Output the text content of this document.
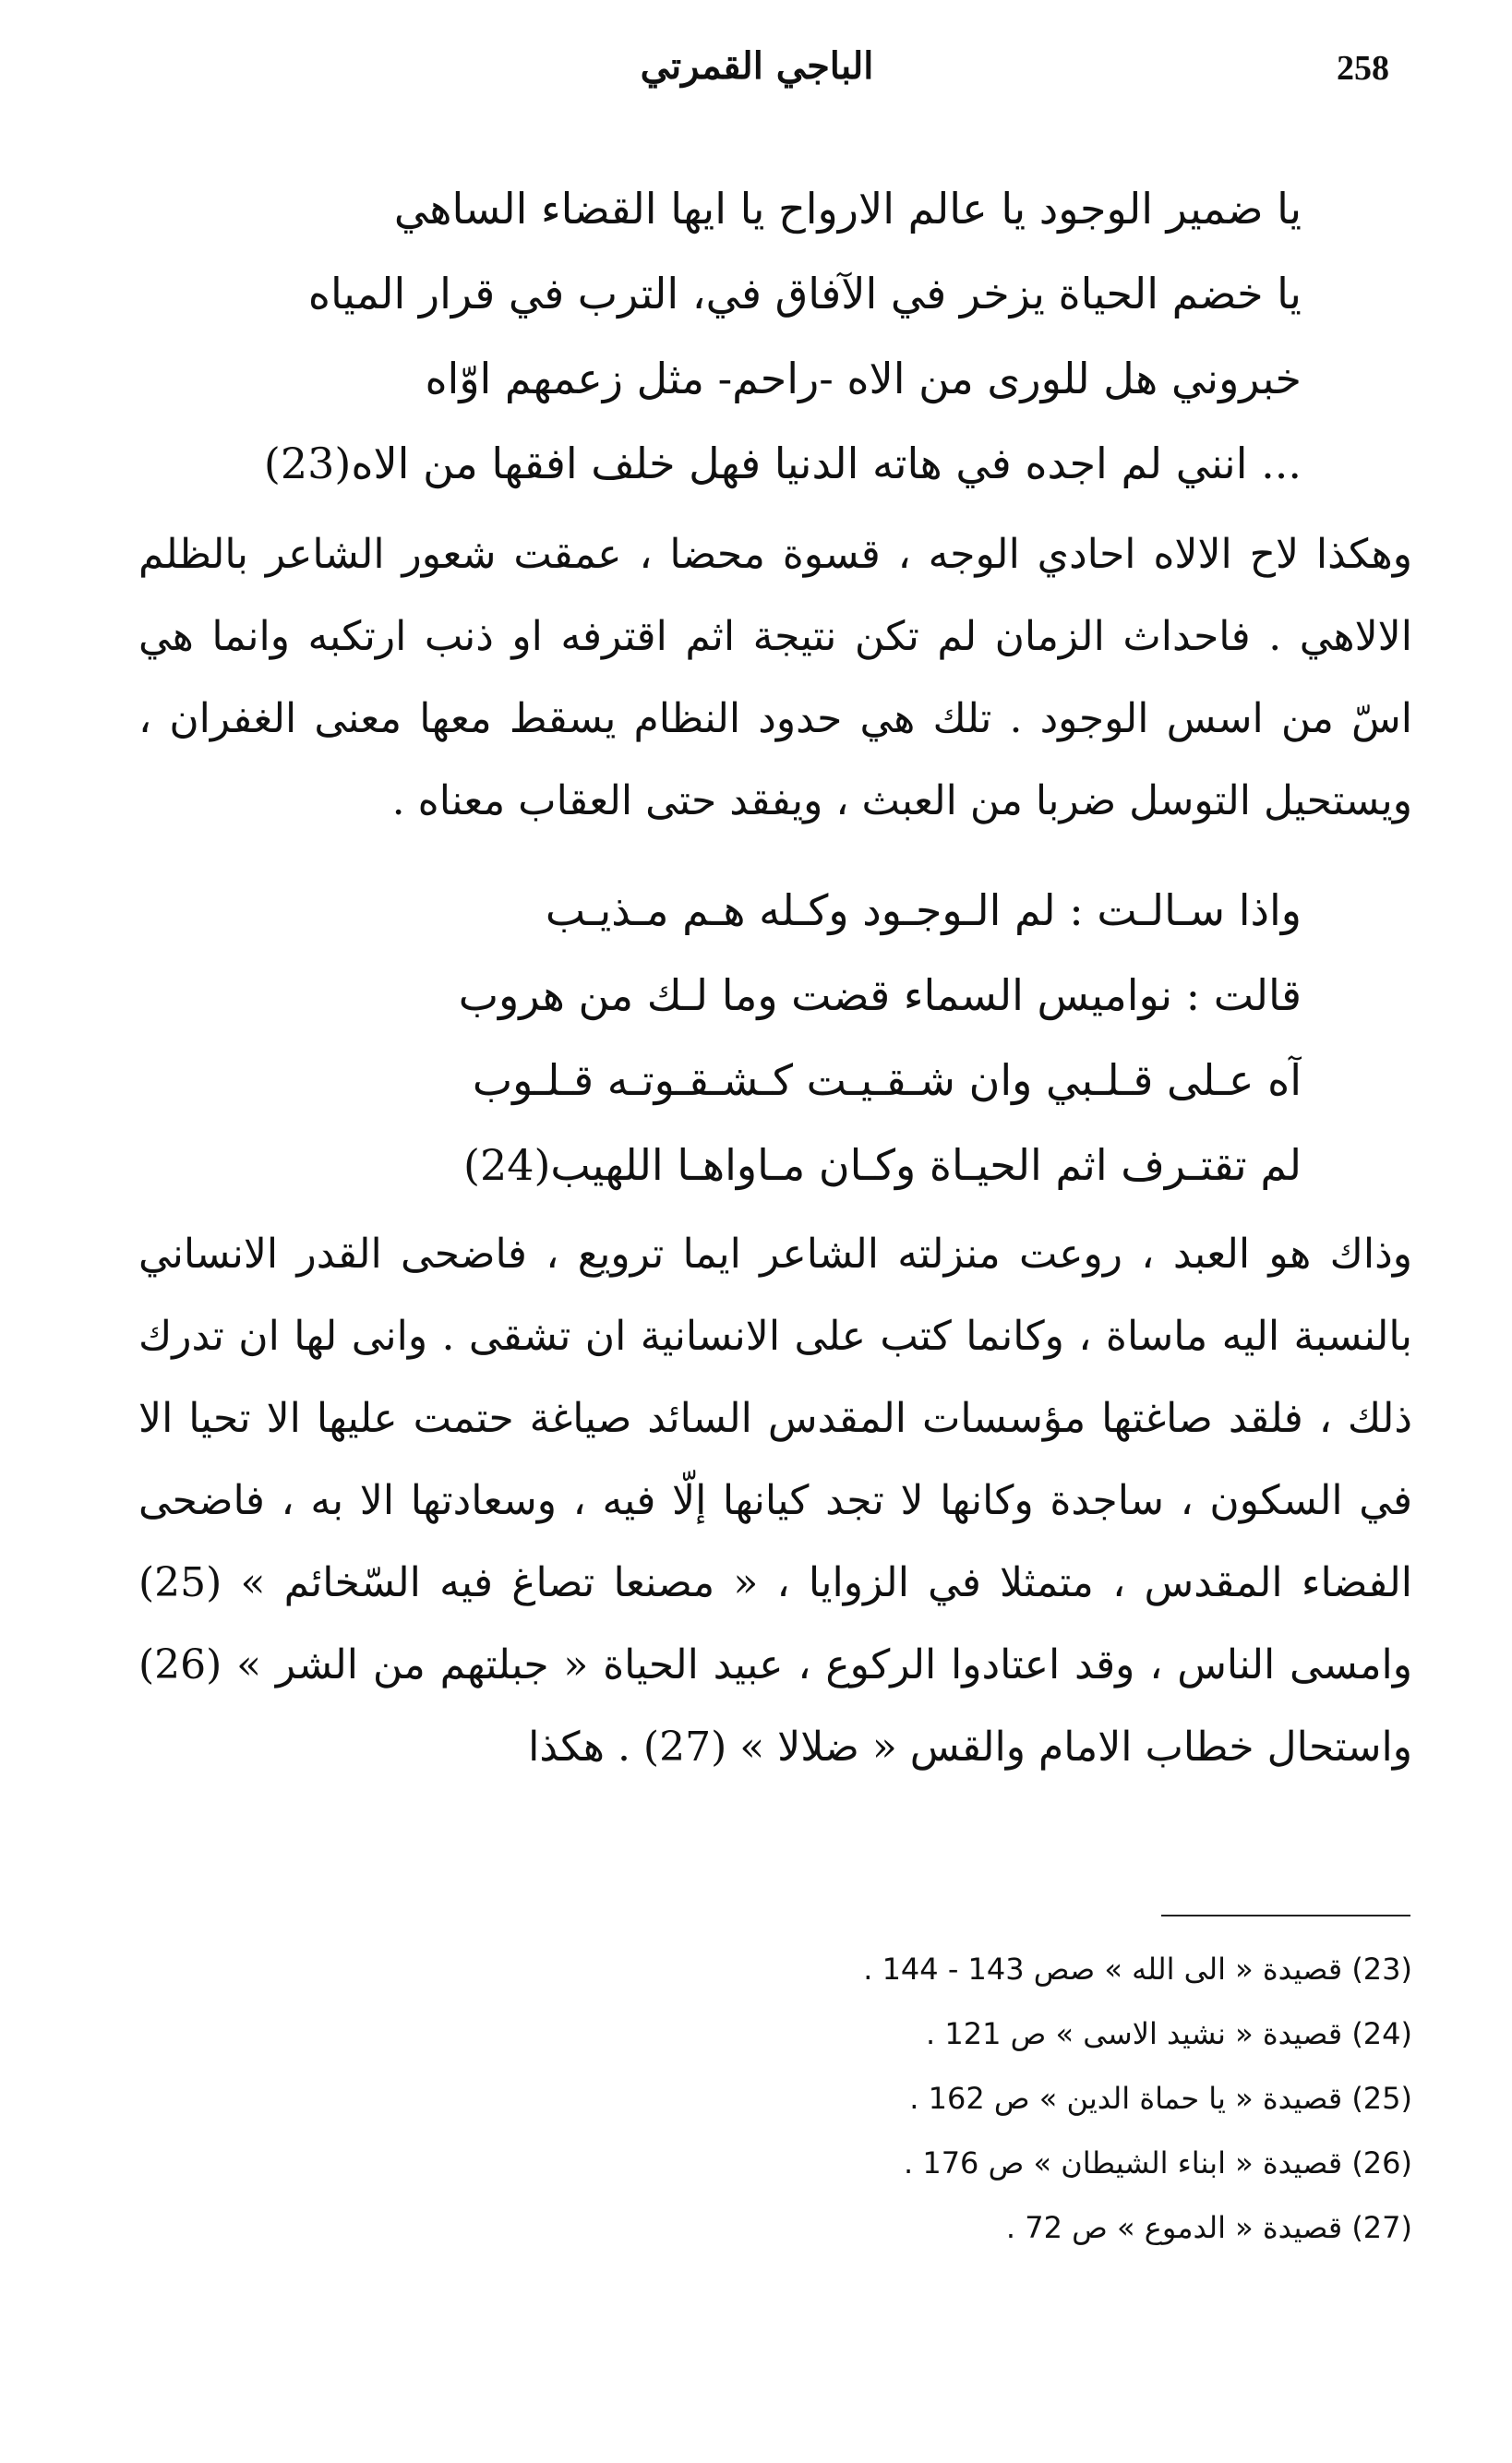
258
الباجي القمرتي
يا ضمير الوجود يا عالم الارواح يا ايها القضاء الساهي
يا خضم الحياة يزخر في الآفاق في، الترب في قرار المياه
خبروني هل للورى من الاه -راحم- مثل زعمهم اوّاه
... انني لم اجده في هاته الدنيا فهل خلف افقها من الاه(23)

وهكذا لاح الالاه احادي الوجه ، قسوة محضا ، عمقت شعور الشاعر بالظلم الالاهي . فاحداث الزمان لم تكن نتيجة اثم اقترفه او ذنب ارتكبه وانما هي اسّ من اسس الوجود . تلك هي حدود النظام يسقط معها معنى الغفران ، ويستحيل التوسل ضربا من العبث ، ويفقد حتى العقاب معناه .

واذا سـالـت : لم الـوجـود وكـله هـم مـذيـب
قالت : نواميس السماء قضت وما لـك من هروب
آه عـلى قـلـبي وان شـقـيـت كـشـقـوتـه قـلـوب
لم تقتـرف اثم الحيـاة وكـان مـاواهـا اللهيب(24)

وذاك هو العبد ، روعت منزلته الشاعر ايما ترويع ، فاضحى القدر الانساني بالنسبة اليه ماساة ، وكانما كتب على الانسانية ان تشقى . وانى لها ان تدرك ذلك ، فلقد صاغتها مؤسسات المقدس السائد صياغة حتمت عليها الا تحيا الا في السكون ، ساجدة وكانها لا تجد كيانها إلّا فيه ، وسعادتها الا به ، فاضحى الفضاء المقدس ، متمثلا في الزوايا ، « مصنعا تصاغ فيه السّخائم » (25) وامسى الناس ، وقد اعتادوا الركوع ، عبيد الحياة « جبلتهم من الشر » (26) واستحال خطاب الامام والقس « ضلالا » (27) . هكذا

(23) قصيدة « الى الله » صص 143 - 144 .
(24) قصيدة « نشيد الاسى » ص 121 .
(25) قصيدة « يا حماة الدين » ص 162 .
(26) قصيدة « ابناء الشيطان » ص 176 .
(27) قصيدة « الدموع » ص 72 .
